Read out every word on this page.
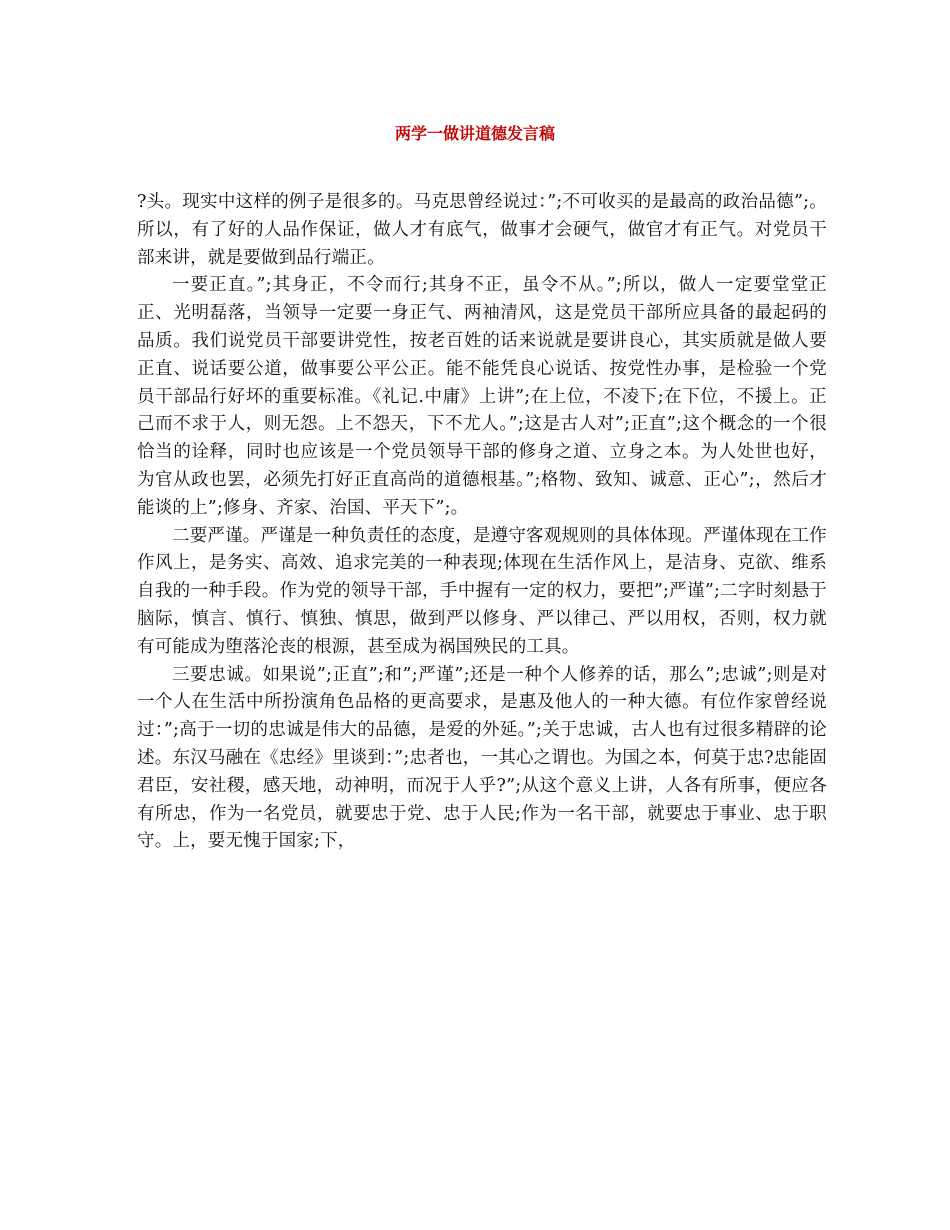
两学一做讲道德发言稿

?头。现实中这样的例子是很多的。马克思曾经说过：”;不可收买的是最高的政治品德”;。所以，有了好的人品作保证，做人才有底气，做事才会硬气，做官才有正气。对党员干部来讲，就是要做到品行端正。

一要正直。”;其身正，不令而行;其身不正，虽令不从。”;所以，做人一定要堂堂正正、光明磊落，当领导一定要一身正气、两袖清风，这是党员干部所应具备的最起码的品质。我们说党员干部要讲党性，按老百姓的话来说就是要讲良心，其实质就是做人要正直、说话要公道，做事要公平公正。能不能凭良心说话、按党性办事，是检验一个党员干部品行好坏的重要标准。《礼记.中庸》上讲”;在上位，不凌下;在下位，不援上。正己而不求于人，则无怨。上不怨天，下不尤人。”;这是古人对”;正直”;这个概念的一个很恰当的诠释，同时也应该是一个党员领导干部的修身之道、立身之本。为人处世也好，为官从政也罢，必须先打好正直高尚的道德根基。”;格物、致知、诚意、正心”;，然后才能谈的上”;修身、齐家、治国、平天下”;。

二要严谨。严谨是一种负责任的态度，是遵守客观规则的具体体现。严谨体现在工作作风上，是务实、高效、追求完美的一种表现;体现在生活作风上，是洁身、克欲、维系自我的一种手段。作为党的领导干部，手中握有一定的权力，要把”;严谨”;二字时刻悬于脑际，慎言、慎行、慎独、慎思，做到严以修身、严以律己、严以用权，否则，权力就有可能成为堕落沦丧的根源，甚至成为祸国殃民的工具。

三要忠诚。如果说”;正直”;和”;严谨”;还是一种个人修养的话，那么”;忠诚”;则是对一个人在生活中所扮演角色品格的更高要求，是惠及他人的一种大德。有位作家曾经说过：”;高于一切的忠诚是伟大的品德，是爱的外延。”;关于忠诚，古人也有过很多精辟的论述。东汉马融在《忠经》里谈到：”;忠者也，一其心之谓也。为国之本，何莫于忠?忠能固君臣，安社稷，感天地，动神明，而况于人乎?”;从这个意义上讲，人各有所事，便应各有所忠，作为一名党员，就要忠于党、忠于人民;作为一名干部，就要忠于事业、忠于职守。上，要无愧于国家;下，
